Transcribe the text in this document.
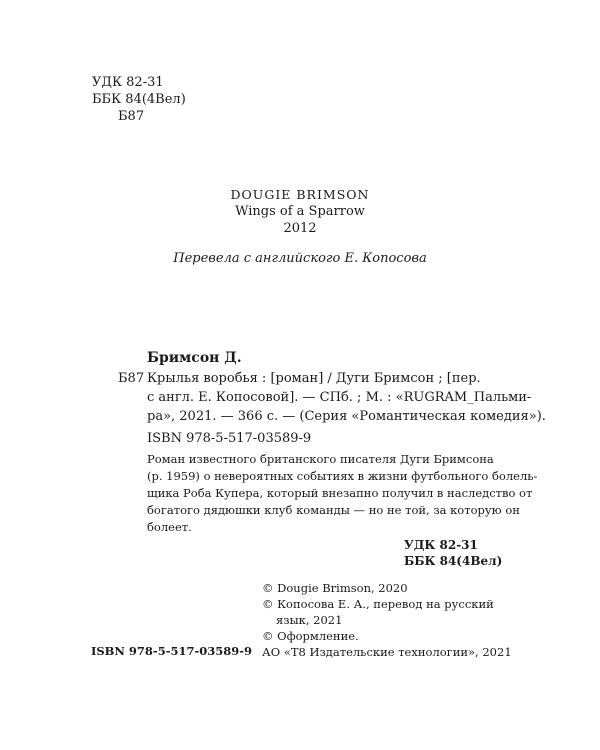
УДК 82-31
ББК 84(4Вел)
Б87
DOUGIE BRIMSON
Wings of a Sparrow
2012
Перевела с английского Е. Копосова
Бримсон Д.
Б87 Крылья воробья : [роман] / Дуги Бримсон ; [пер.
с англ. Е. Копосовой]. — СПб. ; М. : «RUGRAM_Пальми-
ра», 2021. — 366 с. — (Серия «Романтическая комедия»).
ISBN 978-5-517-03589-9
Роман известного британского писателя Дуги Бримсона
(р. 1959) о невероятных событиях в жизни футбольного болель-
щика Роба Купера, который внезапно получил в наследство от
богатого дядюшки клуб команды — но не той, за которую он
болеет.
УДК 82-31
ББК 84(4Вел)
© Dougie Brimson, 2020
© Копосова Е. А., перевод на русский
язык, 2021
© Оформление.
АО «Т8 Издательские технологии», 2021
ISBN 978-5-517-03589-9
